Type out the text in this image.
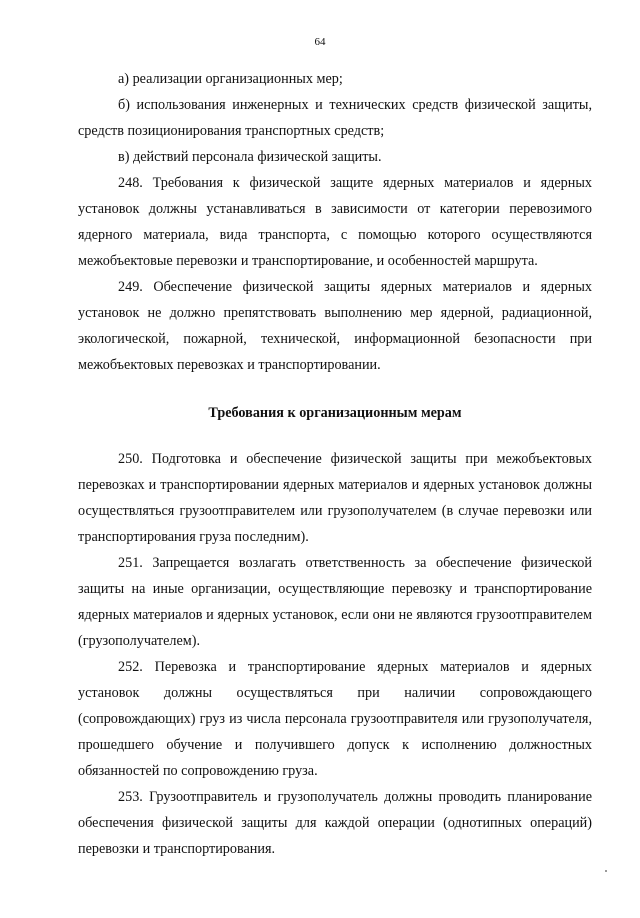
64

а) реализации организационных мер;

б) использования инженерных и технических средств физической защиты, средств позиционирования транспортных средств;

в) действий персонала физической защиты.

248. Требования к физической защите ядерных материалов и ядерных установок должны устанавливаться в зависимости от категории перевозимого ядерного материала, вида транспорта, с помощью которого осуществляются межобъектовые перевозки и транспортирование, и особенностей маршрута.

249. Обеспечение физической защиты ядерных материалов и ядерных установок не должно препятствовать выполнению мер ядерной, радиационной, экологической, пожарной, технической, информационной безопасности при межобъектовых перевозках и транспортировании.

Требования к организационным мерам

250. Подготовка и обеспечение физической защиты при межобъектовых перевозках и транспортировании ядерных материалов и ядерных установок должны осуществляться грузоотправителем или грузополучателем (в случае перевозки или транспортирования груза последним).

251. Запрещается возлагать ответственность за обеспечение физической защиты на иные организации, осуществляющие перевозку и транспортирование ядерных материалов и ядерных установок, если они не являются грузоотправителем (грузополучателем).

252. Перевозка и транспортирование ядерных материалов и ядерных установок должны осуществляться при наличии сопровождающего (сопровождающих) груз из числа персонала грузоотправителя или грузополучателя, прошедшего обучение и получившего допуск к исполнению должностных обязанностей по сопровождению груза.

253. Грузоотправитель и грузополучатель должны проводить планирование обеспечения физической защиты для каждой операции (однотипных операций) перевозки и транспортирования.
